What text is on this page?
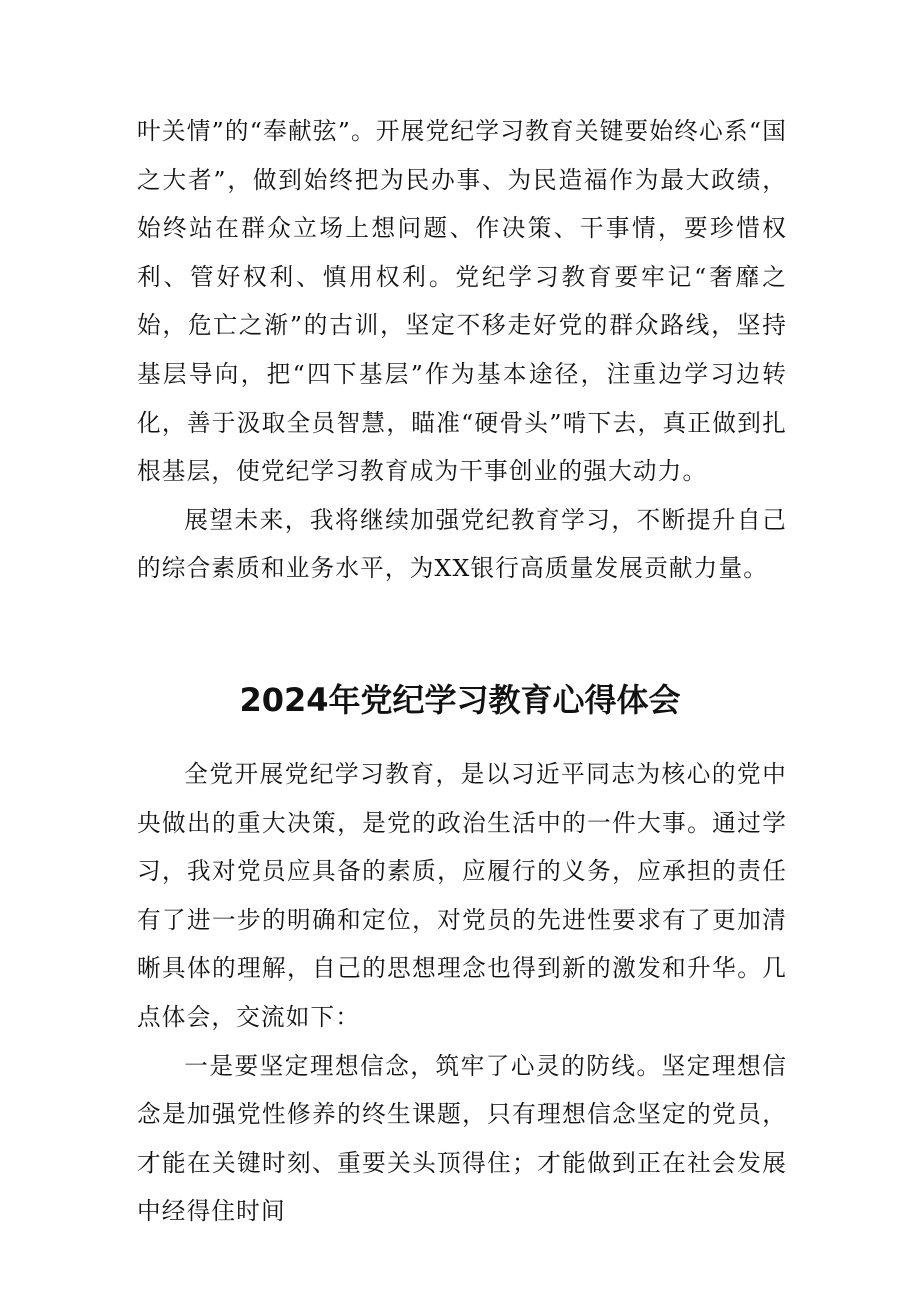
叶关情”的“奉献弦”。开展党纪学习教育关键要始终心系“国之大者”，做到始终把为民办事、为民造福作为最大政绩，始终站在群众立场上想问题、作决策、干事情，要珍惜权利、管好权利、慎用权利。党纪学习教育要牢记“奢靡之始，危亡之渐”的古训，坚定不移走好党的群众路线，坚持基层导向，把“四下基层”作为基本途径，注重边学习边转化，善于汲取全员智慧，瞄准“硬骨头”啃下去，真正做到扎根基层，使党纪学习教育成为干事创业的强大动力。

展望未来，我将继续加强党纪教育学习，不断提升自己的综合素质和业务水平，为XX银行高质量发展贡献力量。

2024年党纪学习教育心得体会

全党开展党纪学习教育，是以习近平同志为核心的党中央做出的重大决策，是党的政治生活中的一件大事。通过学习，我对党员应具备的素质，应履行的义务，应承担的责任有了进一步的明确和定位，对党员的先进性要求有了更加清晰具体的理解，自己的思想理念也得到新的激发和升华。几点体会，交流如下：

一是要坚定理想信念，筑牢了心灵的防线。坚定理想信念是加强党性修养的终生课题，只有理想信念坚定的党员，才能在关键时刻、重要关头顶得住；才能做到正在社会发展中经得住时间
